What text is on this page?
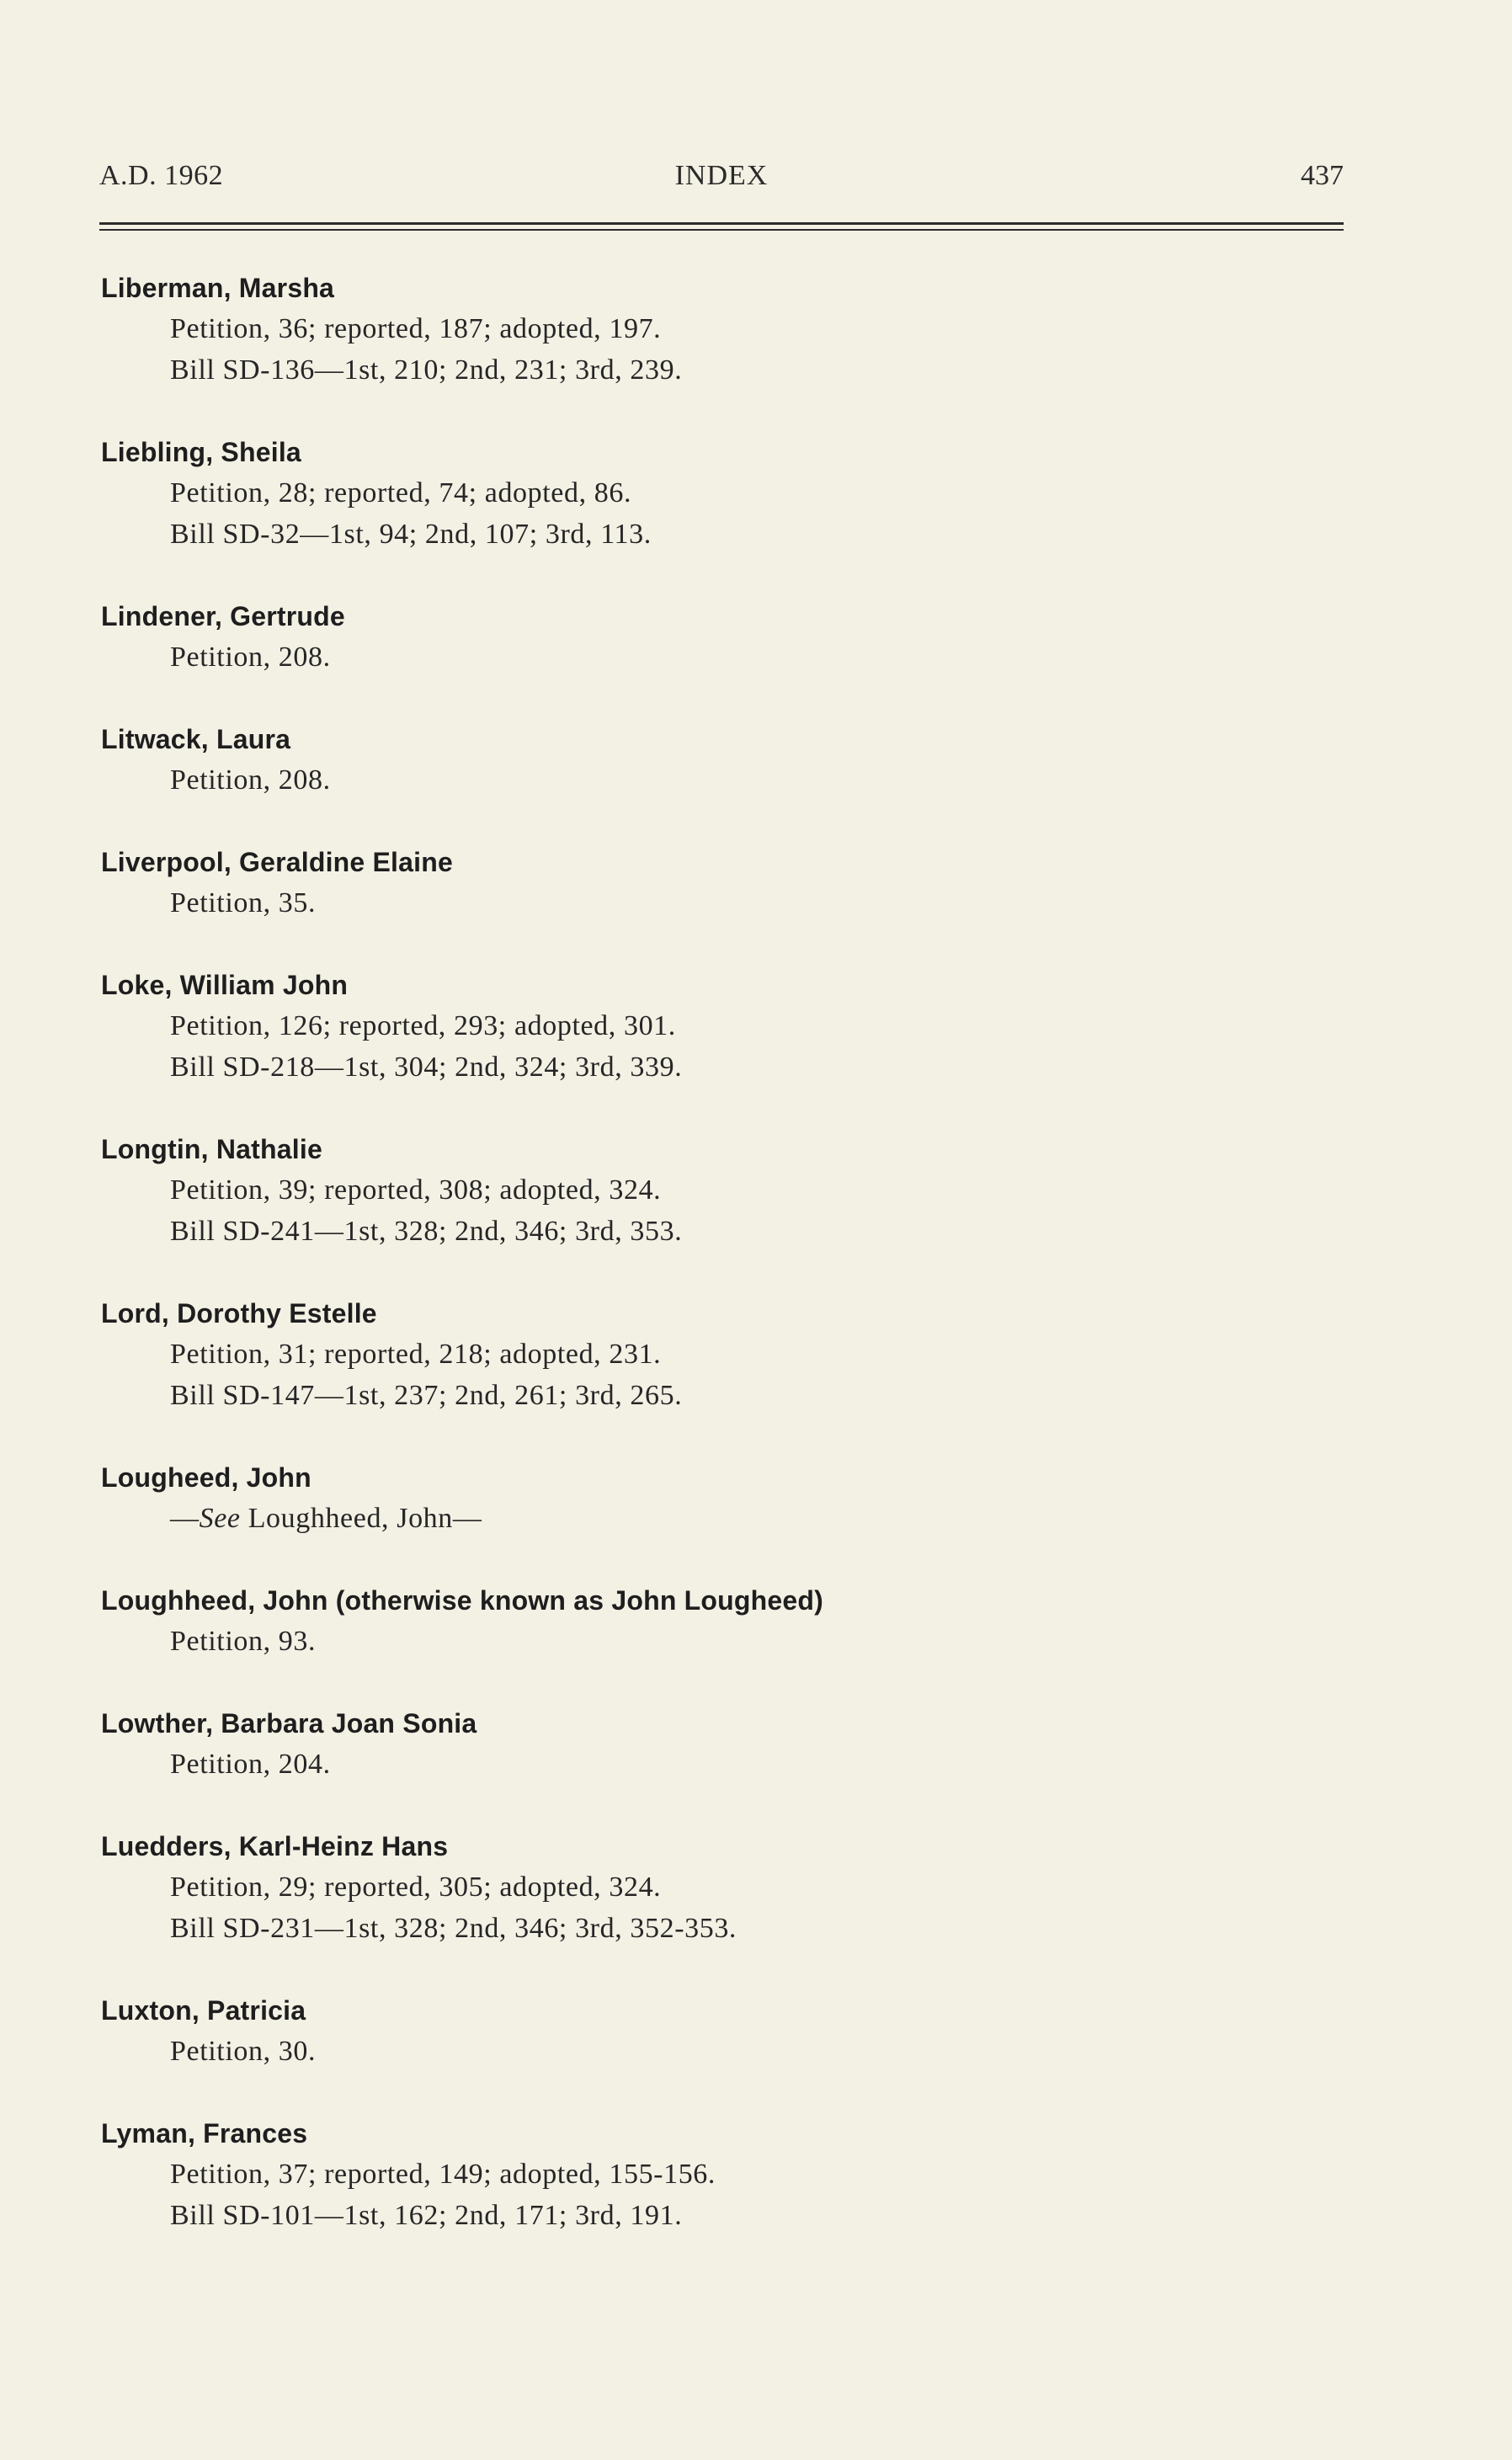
A.D. 1962	INDEX	437
Liberman, Marsha
Petition, 36; reported, 187; adopted, 197.
Bill SD-136—1st, 210; 2nd, 231; 3rd, 239.
Liebling, Sheila
Petition, 28; reported, 74; adopted, 86.
Bill SD-32—1st, 94; 2nd, 107; 3rd, 113.
Lindener, Gertrude
Petition, 208.
Litwack, Laura
Petition, 208.
Liverpool, Geraldine Elaine
Petition, 35.
Loke, William John
Petition, 126; reported, 293; adopted, 301.
Bill SD-218—1st, 304; 2nd, 324; 3rd, 339.
Longtin, Nathalie
Petition, 39; reported, 308; adopted, 324.
Bill SD-241—1st, 328; 2nd, 346; 3rd, 353.
Lord, Dorothy Estelle
Petition, 31; reported, 218; adopted, 231.
Bill SD-147—1st, 237; 2nd, 261; 3rd, 265.
Lougheed, John
—See Loughheed, John—
Loughheed, John (otherwise known as John Lougheed)
Petition, 93.
Lowther, Barbara Joan Sonia
Petition, 204.
Luedders, Karl-Heinz Hans
Petition, 29; reported, 305; adopted, 324.
Bill SD-231—1st, 328; 2nd, 346; 3rd, 352-353.
Luxton, Patricia
Petition, 30.
Lyman, Frances
Petition, 37; reported, 149; adopted, 155-156.
Bill SD-101—1st, 162; 2nd, 171; 3rd, 191.
